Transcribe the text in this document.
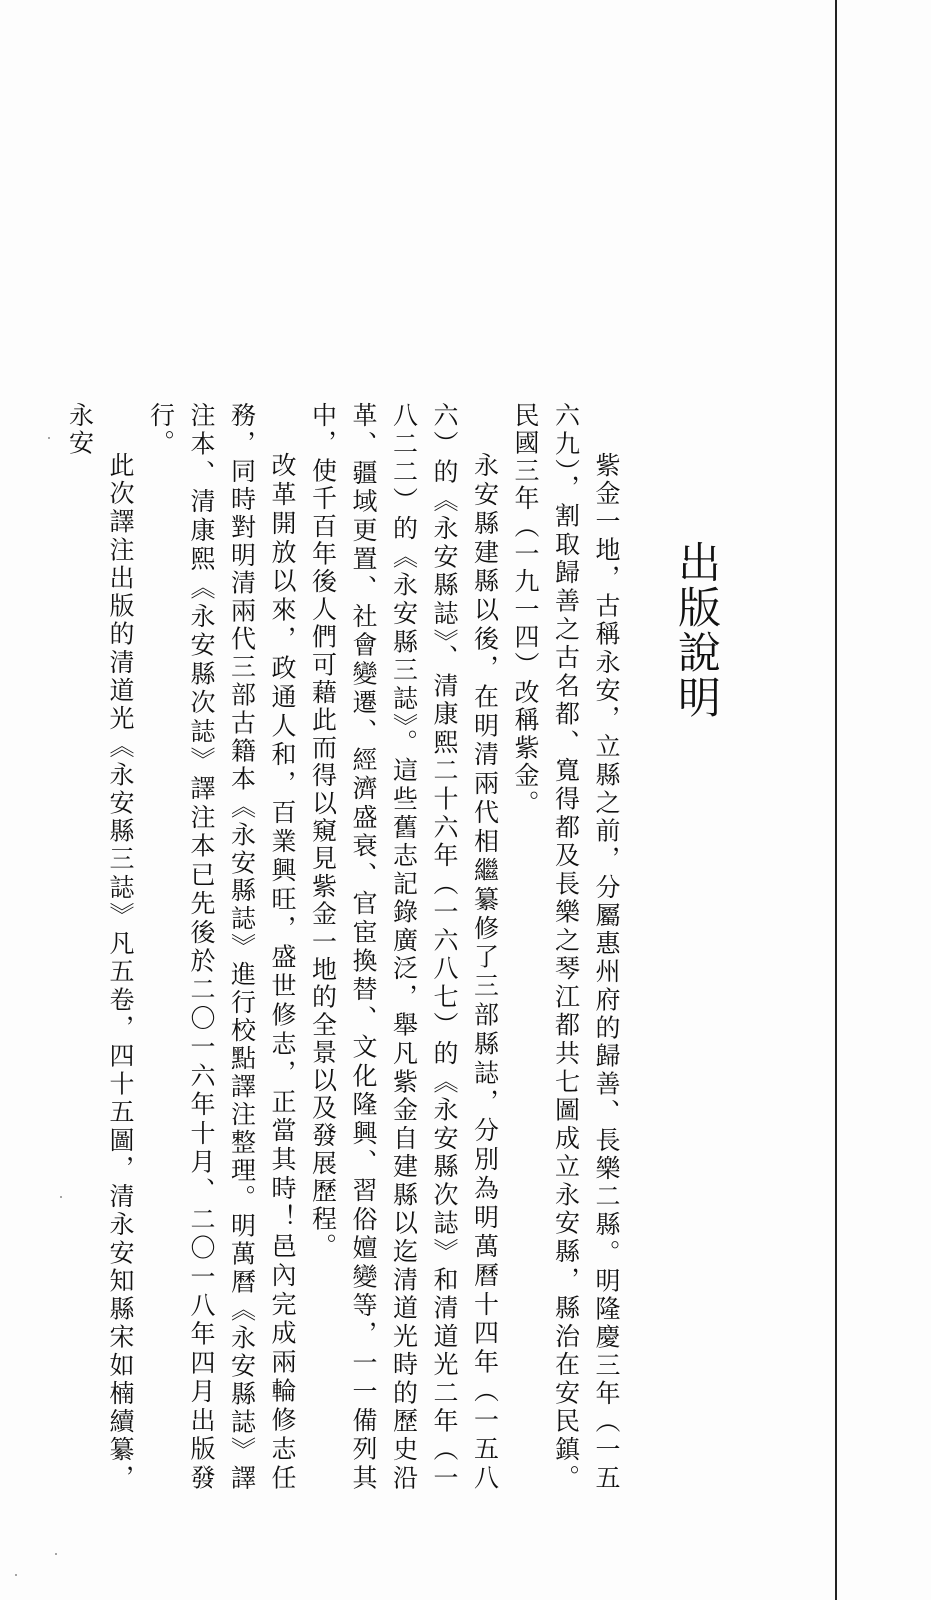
出版說明

紫金一地，古稱永安，立縣之前，分屬惠州府的歸善、長樂二縣。明隆慶三年（一五六九），割取歸善之古名都、寬得都及長樂之琴江都共七圖成立永安縣，縣治在安民鎮。民國三年（一九一四）改稱紫金。

永安縣建縣以後，在明清兩代相繼纂修了三部縣誌，分別為明萬曆十四年（一五八六）的《永安縣誌》、清康熙二十六年（一六八七）的《永安縣次誌》和清道光二年（一八二二）的《永安縣三誌》。這些舊志記錄廣泛，舉凡紫金自建縣以迄清道光時的歷史沿革、疆域更置、社會變遷、經濟盛衰、官宦換替、文化隆興、習俗嬗變等，一一備列其中，使千百年後人們可藉此而得以窺見紫金一地的全景以及發展歷程。

改革開放以來，政通人和，百業興旺，盛世修志，正當其時！邑內完成兩輪修志任務，同時對明清兩代三部古籍本《永安縣誌》進行校點譯注整理。明萬曆《永安縣誌》譯注本、清康熙《永安縣次誌》譯注本已先後於二〇一六年十月、二〇一八年四月出版發行。

此次譯注出版的清道光《永安縣三誌》凡五卷，四十五圖，清永安知縣宋如楠續纂，永安
